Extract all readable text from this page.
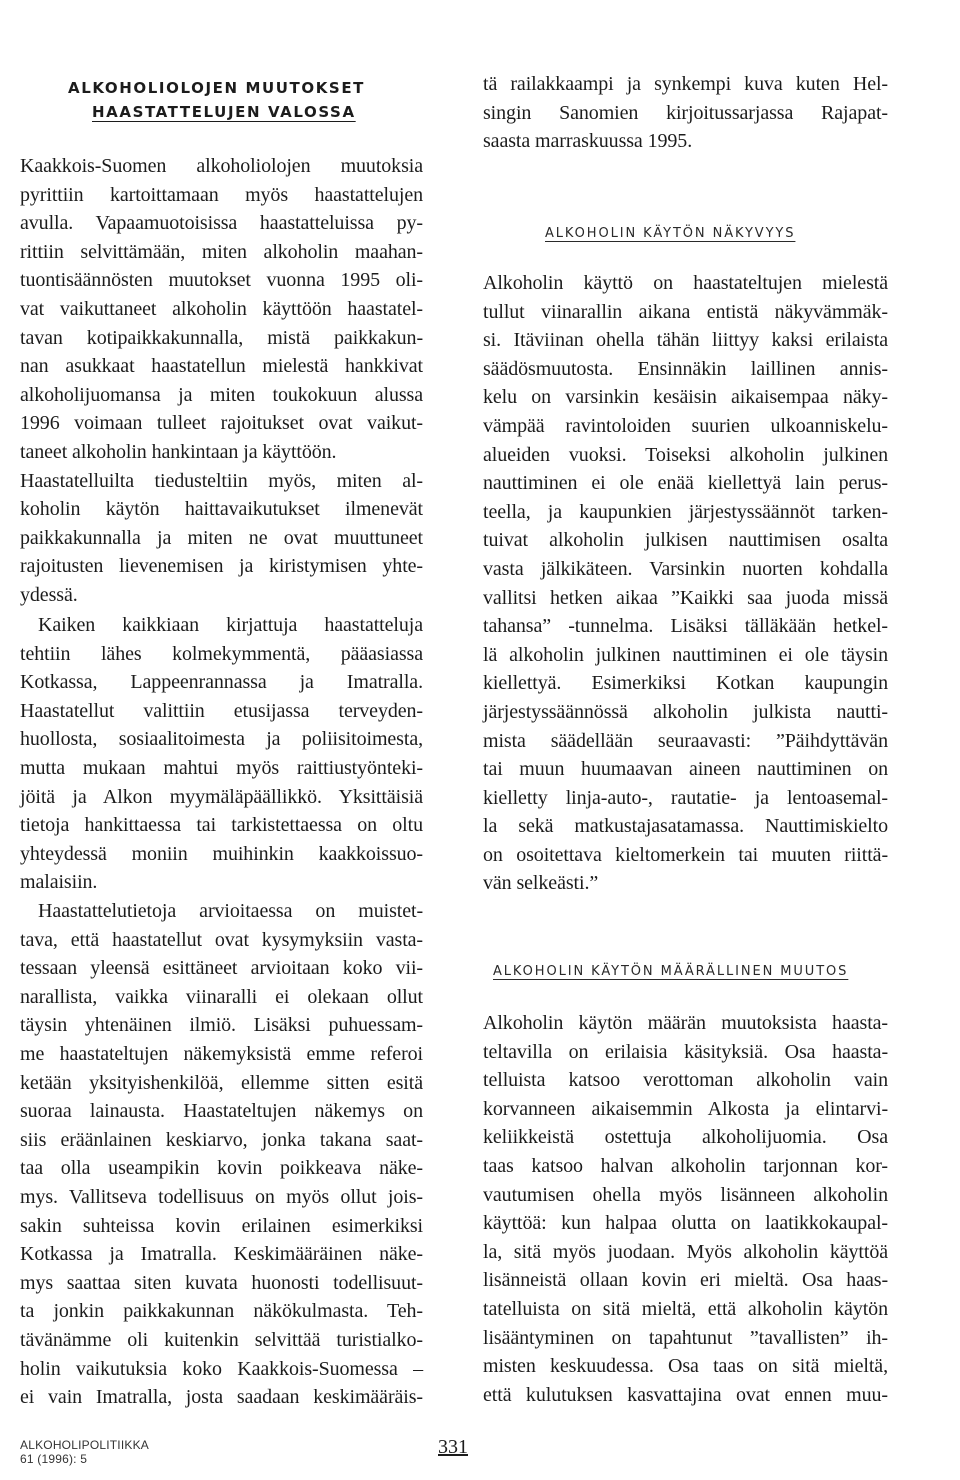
ALKOHOLIOLOJEN MUUTOKSET
HAASTATTELUJEN VALOSSA
Kaakkois-Suomen alkoholiolojen muutoksia
pyrittiin kartoittamaan myös haastattelujen
avulla. Vapaamuotoisissa haastatteluissa py-
rittiin selvittämään, miten alkoholin maahan-
tuontisäännösten muutokset vuonna 1995 oli-
vat vaikuttaneet alkoholin käyttöön haastatel-
tavan kotipaikkakunnalla, mistä paikkakun-
nan asukkaat haastatellun mielestä hankkivat
alkoholijuomansa ja miten toukokuun alussa
1996 voimaan tulleet rajoitukset ovat vaikut-
taneet alkoholin hankintaan ja käyttöön.
Haastatelluilta tiedusteltiin myös, miten al-
koholin käytön haittavaikutukset ilmenevät
paikkakunnalla ja miten ne ovat muuttuneet
rajoitusten lievenemisen ja kiristymisen yhte-
ydessä.
Kaiken kaikkiaan kirjattuja haastatteluja
tehtiin lähes kolmekymmentä, pääasiassa
Kotkassa, Lappeenrannassa ja Imatralla.
Haastatellut valittiin etusijassa terveyden-
huollosta, sosiaalitoimesta ja poliisitoimesta,
mutta mukaan mahtui myös raittiustyönteki-
jöitä ja Alkon myymäläpäällikkö. Yksittäisiä
tietoja hankittaessa tai tarkistettaessa on oltu
yhteydessä moniin muihinkin kaakkoissuo-
malaisiin.
Haastattelutietoja arvioitaessa on muistet-
tava, että haastatellut ovat kysymyksiin vasta-
tessaan yleensä esittäneet arvioitaan koko vii-
narallista, vaikka viinaralli ei olekaan ollut
täysin yhtenäinen ilmiö. Lisäksi puhuessam-
me haastateltujen näkemyksistä emme referoi
ketään yksityishenkilöä, ellemme sitten esitä
suoraa lainausta. Haastateltujen näkemys on
siis eräänlainen keskiarvo, jonka takana saat-
taa olla useampikin kovin poikkeava näke-
mys. Vallitseva todellisuus on myös ollut jois-
sakin suhteissa kovin erilainen esimerkiksi
Kotkassa ja Imatralla. Keskimääräinen näke-
mys saattaa siten kuvata huonosti todellisuut-
ta jonkin paikkakunnan näkökulmasta. Teh-
tävänämme oli kuitenkin selvittää turistialko-
holin vaikutuksia koko Kaakkois-Suomessa –
ei vain Imatralla, josta saadaan keskimääräis-
tä railakkaampi ja synkempi kuva kuten Hel-
singin Sanomien kirjoitussarjassa Rajapat-
saasta marraskuussa 1995.
ALKOHOLIN KÄYTÖN NÄKYVYYS
Alkoholin käyttö on haastateltujen mielestä
tullut viinarallin aikana entistä näkyvämmäk-
si. Itäviinan ohella tähän liittyy kaksi erilaista
säädösmuutosta. Ensinnäkin laillinen annis-
kelu on varsinkin kesäisin aikaisempaa näky-
vämpää ravintoloiden suurien ulkoanniskelu-
alueiden vuoksi. Toiseksi alkoholin julkinen
nauttiminen ei ole enää kiellettyä lain perus-
teella, ja kaupunkien järjestyssäännöt tarken-
tuivat alkoholin julkisen nauttimisen osalta
vasta jälkikäteen. Varsinkin nuorten kohdalla
vallitsi hetken aikaa ”Kaikki saa juoda missä
tahansa” -tunnelma. Lisäksi tälläkään hetkel-
lä alkoholin julkinen nauttiminen ei ole täysin
kiellettyä. Esimerkiksi Kotkan kaupungin
järjestyssäännössä alkoholin julkista nautti-
mista säädellään seuraavasti: ”Päihdyttävän
tai muun huumaavan aineen nauttiminen on
kielletty linja-auto-, rautatie- ja lentoasemal-
la sekä matkustajasatamassa. Nauttimiskielto
on osoitettava kieltomerkein tai muuten riittä-
vän selkeästi.”
ALKOHOLIN KÄYTÖN MÄÄRÄLLINEN MUUTOS
Alkoholin käytön määrän muutoksista haasta-
teltavilla on erilaisia käsityksiä. Osa haasta-
telluista katsoo verottoman alkoholin vain
korvanneen aikaisemmin Alkosta ja elintarvi-
keliikkeistä ostettuja alkoholijuomia. Osa
taas katsoo halvan alkoholin tarjonnan kor-
vautumisen ohella myös lisänneen alkoholin
käyttöä: kun halpaa olutta on laatikkokaupal-
la, sitä myös juodaan. Myös alkoholin käyttöä
lisänneistä ollaan kovin eri mieltä. Osa haas-
tatelluista on sitä mieltä, että alkoholin käytön
lisääntyminen on tapahtunut ”tavallisten” ih-
misten keskuudessa. Osa taas on sitä mieltä,
että kulutuksen kasvattajina ovat ennen muu-
ALKOHOLIPOLITIIKKA
61 (1996): 5
331
